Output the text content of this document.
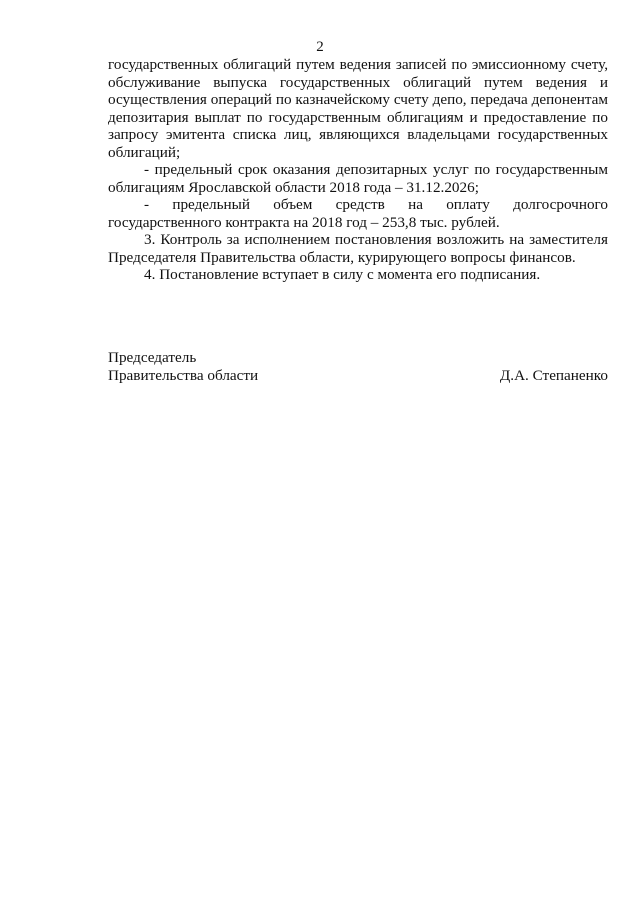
2

государственных облигаций путем ведения записей по эмиссионному счету, обслуживание выпуска государственных облигаций путем ведения и осуществления операций по казначейскому счету депо, передача депонентам депозитария выплат по государственным облигациям и предоставление по запросу эмитента списка лиц, являющихся владельцами государственных облигаций;

- предельный срок оказания депозитарных услуг по государственным облигациям Ярославской области 2018 года – 31.12.2026;

- предельный объем средств на оплату долгосрочного государственного контракта на 2018 год – 253,8 тыс. рублей.

3. Контроль за исполнением постановления возложить на заместителя Председателя Правительства области, курирующего вопросы финансов.

4. Постановление вступает в силу с момента его подписания.

Председатель
Правительства области	Д.А. Степаненко
